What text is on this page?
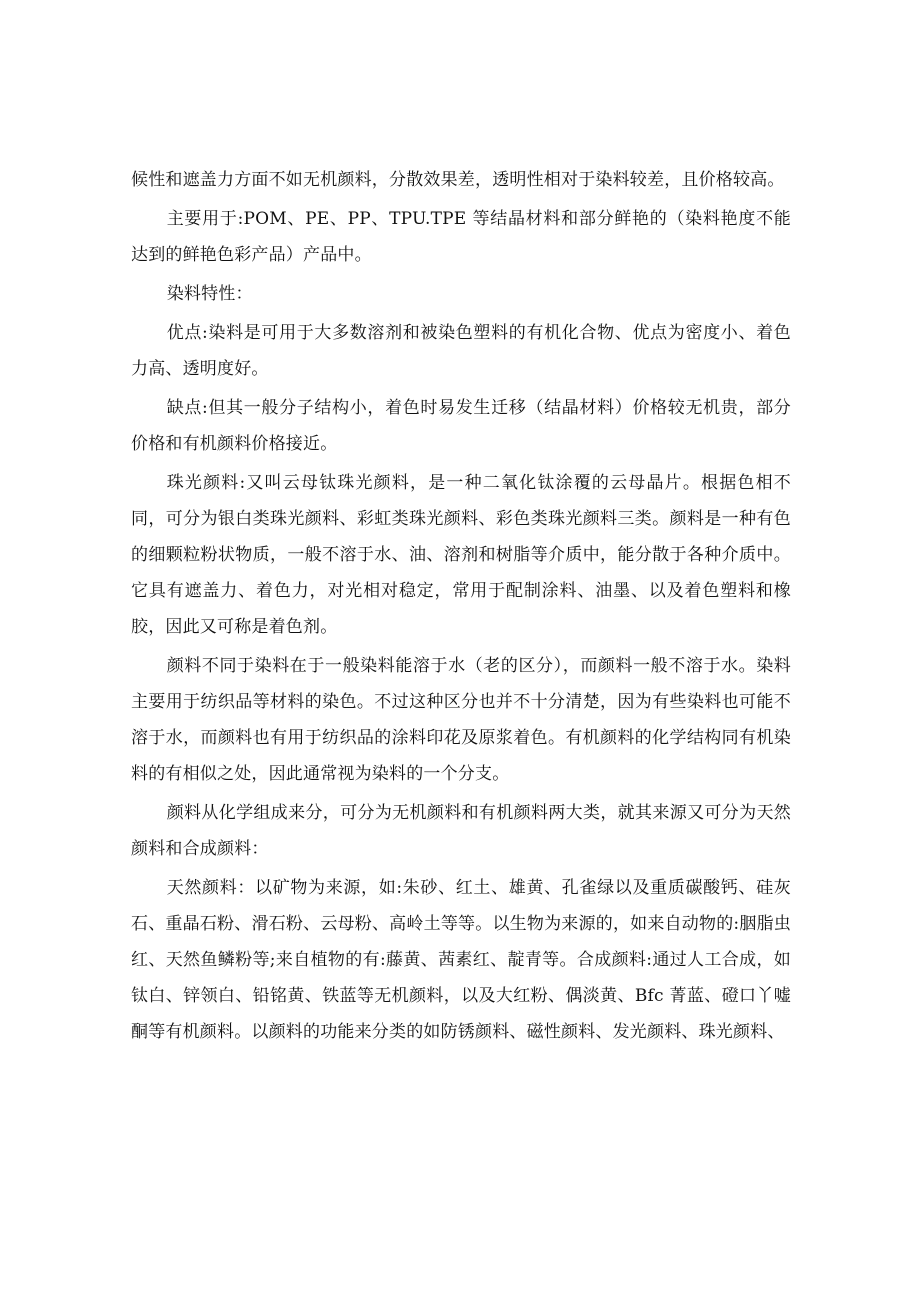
候性和遮盖力方面不如无机颜料，分散效果差，透明性相对于染料较差，且价格较高。

主要用于:POM、PE、PP、TPU.TPE 等结晶材料和部分鲜艳的（染料艳度不能达到的鲜艳色彩产品）产品中。

染料特性：

优点:染料是可用于大多数溶剂和被染色塑料的有机化合物、优点为密度小、着色力高、透明度好。

缺点:但其一般分子结构小，着色时易发生迁移（结晶材料）价格较无机贵，部分价格和有机颜料价格接近。

珠光颜料:又叫云母钛珠光颜料，是一种二氧化钛涂覆的云母晶片。根据色相不同，可分为银白类珠光颜料、彩虹类珠光颜料、彩色类珠光颜料三类。颜料是一种有色的细颗粒粉状物质，一般不溶于水、油、溶剂和树脂等介质中，能分散于各种介质中。它具有遮盖力、着色力，对光相对稳定，常用于配制涂料、油墨、以及着色塑料和橡胶，因此又可称是着色剂。

颜料不同于染料在于一般染料能溶于水（老的区分），而颜料一般不溶于水。染料主要用于纺织品等材料的染色。不过这种区分也并不十分清楚，因为有些染料也可能不溶于水，而颜料也有用于纺织品的涂料印花及原浆着色。有机颜料的化学结构同有机染料的有相似之处，因此通常视为染料的一个分支。

颜料从化学组成来分，可分为无机颜料和有机颜料两大类，就其来源又可分为天然颜料和合成颜料：

天然颜料：以矿物为来源，如:朱砂、红土、雄黄、孔雀绿以及重质碳酸钙、硅灰石、重晶石粉、滑石粉、云母粉、高岭土等等。以生物为来源的，如来自动物的:胭脂虫红、天然鱼鳞粉等;来自植物的有:藤黄、茜素红、靛青等。合成颜料:通过人工合成，如钛白、锌领白、铅铭黄、铁蓝等无机颜料，以及大红粉、偶淡黄、Bfc 菁蓝、磴口丫嘘酮等有机颜料。以颜料的功能来分类的如防锈颜料、磁性颜料、发光颜料、珠光颜料、
